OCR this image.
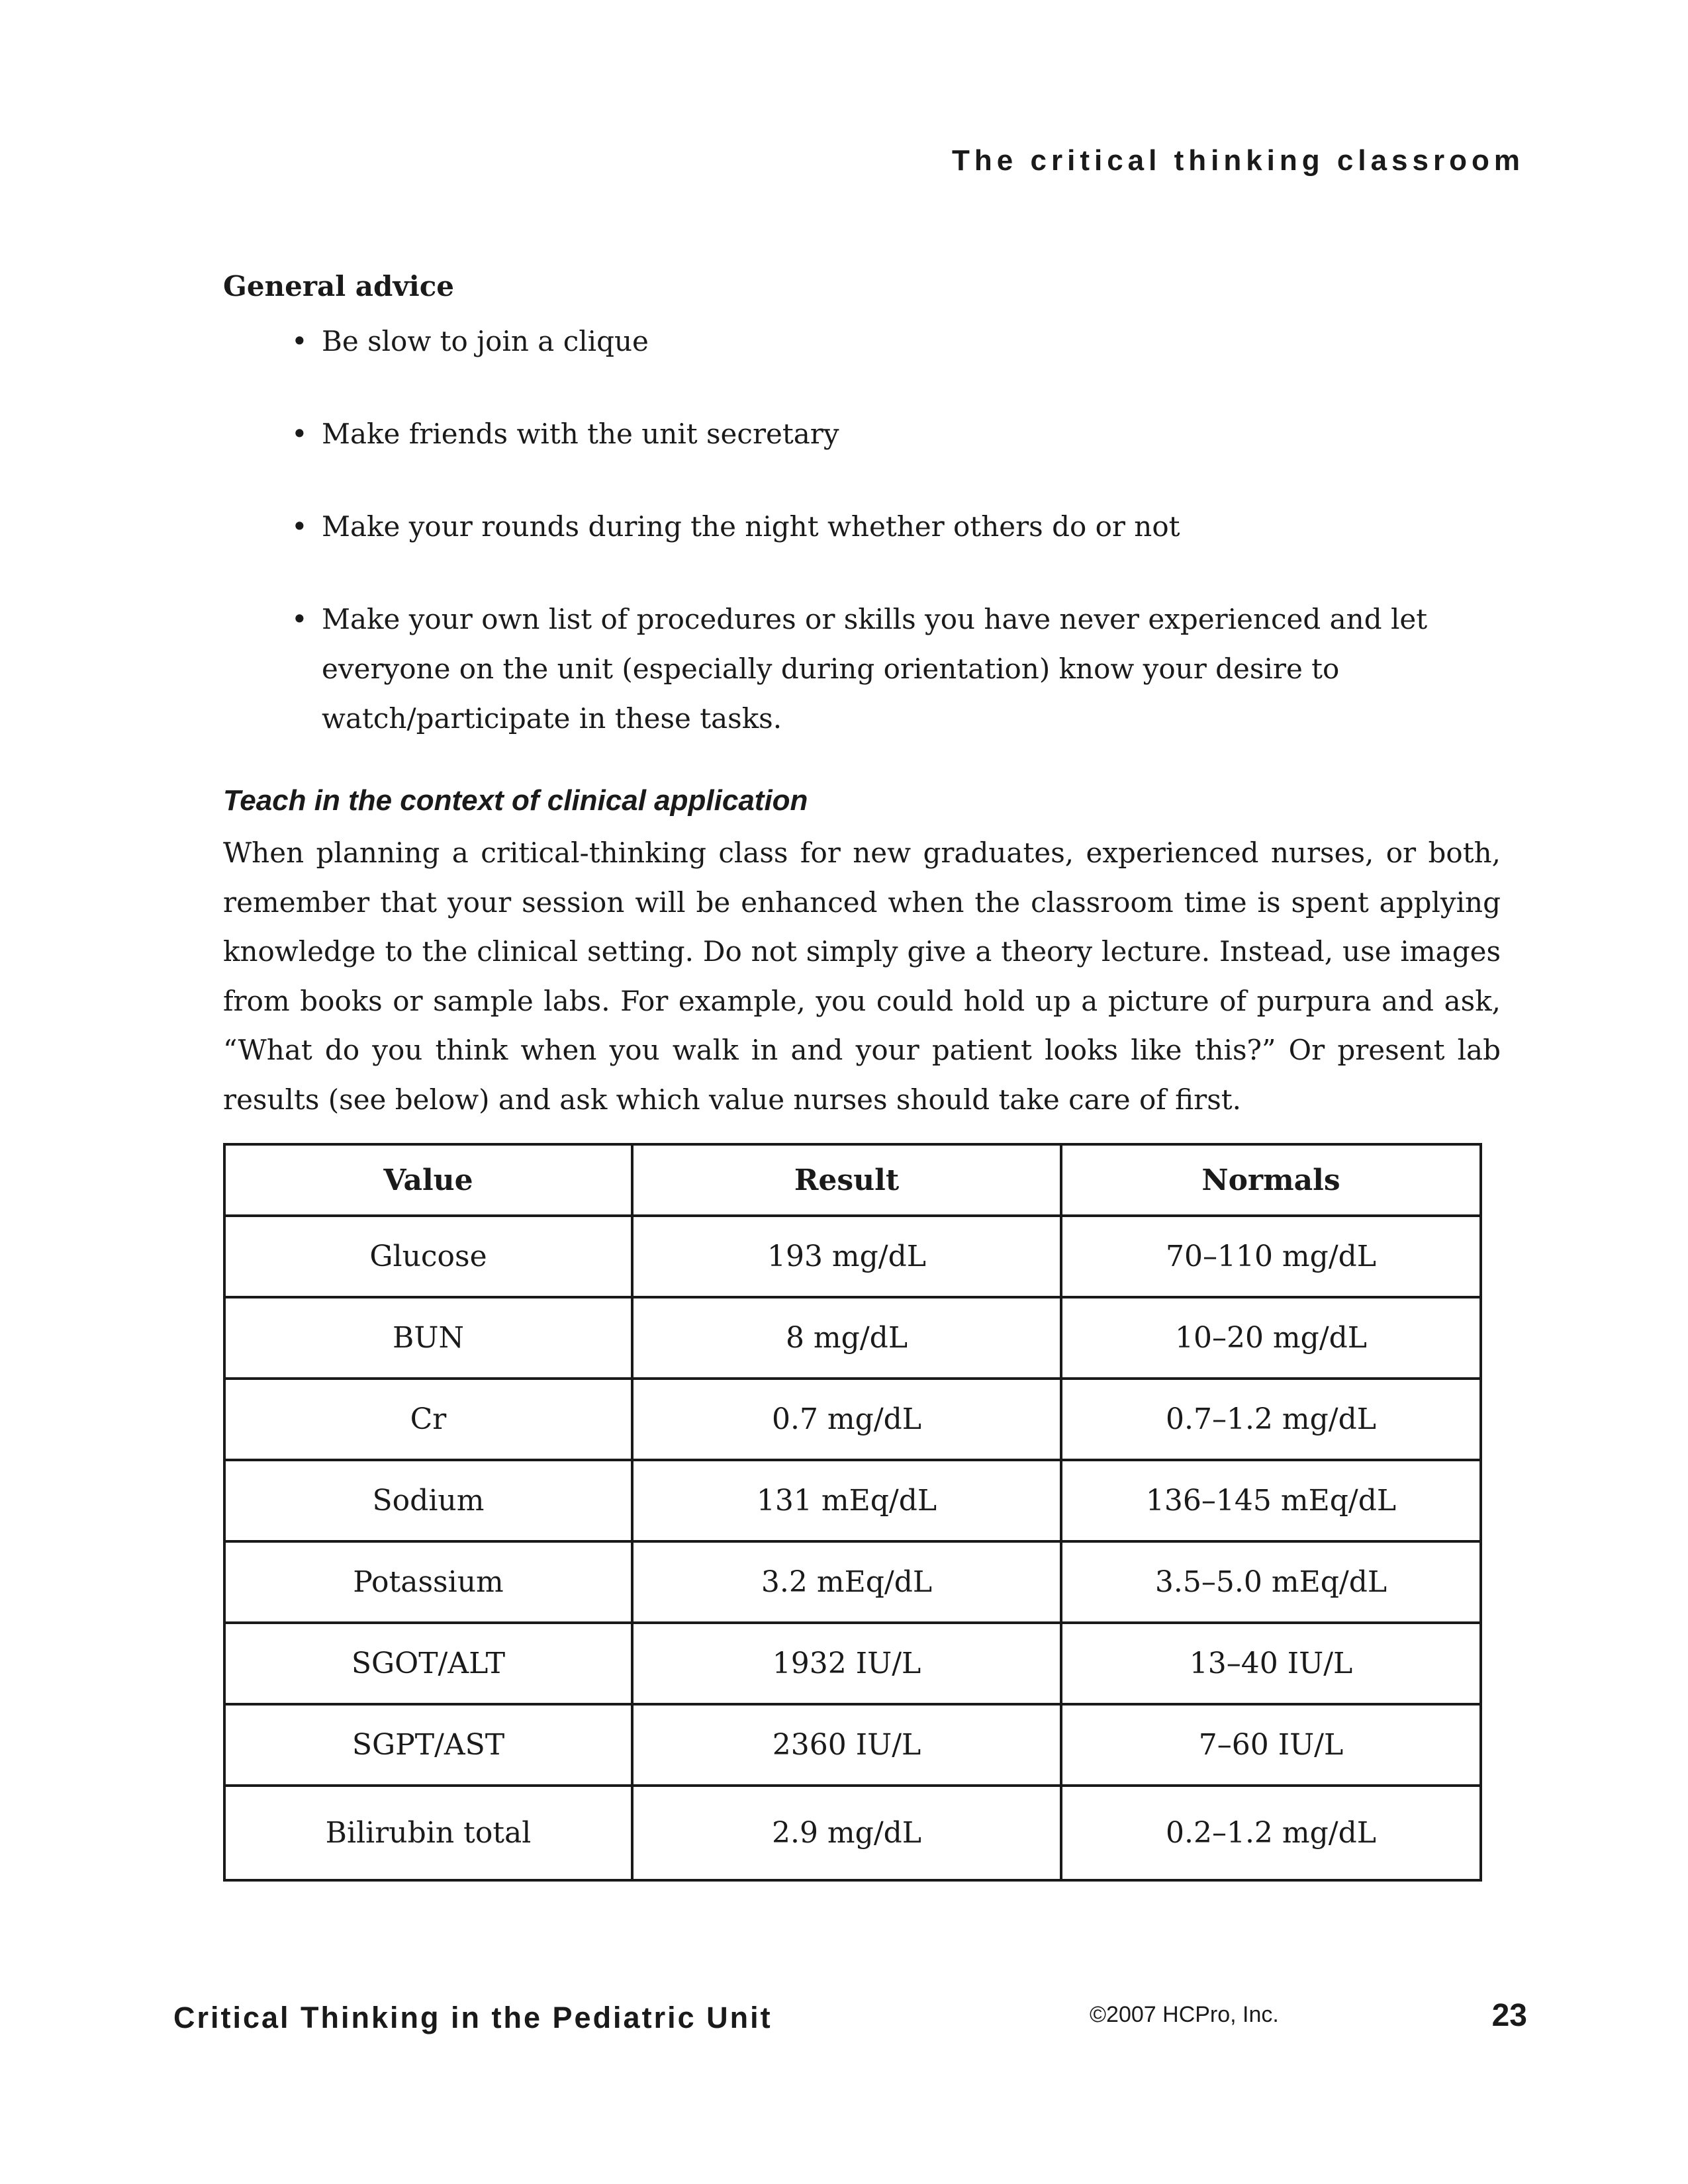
The critical thinking classroom
General advice
• Be slow to join a clique
• Make friends with the unit secretary
• Make your rounds during the night whether others do or not
• Make your own list of procedures or skills you have never experienced and let everyone on the unit (especially during orientation) know your desire to watch/participate in these tasks.
Teach in the context of clinical application

When planning a critical-thinking class for new graduates, experienced nurses, or both, remember that your session will be enhanced when the classroom time is spent applying knowledge to the clinical setting. Do not simply give a theory lecture. Instead, use images from books or sample labs. For example, you could hold up a picture of purpura and ask, “What do you think when you walk in and your patient looks like this?” Or present lab results (see below) and ask which value nurses should take care of first.

Value	Result	Normals
Glucose	193 mg/dL	70–110 mg/dL
BUN	8 mg/dL	10–20 mg/dL
Cr	0.7 mg/dL	0.7–1.2 mg/dL
Sodium	131 mEq/dL	136–145 mEq/dL
Potassium	3.2 mEq/dL	3.5–5.0 mEq/dL
SGOT/ALT	1932 IU/L	13–40 IU/L
SGPT/AST	2360 IU/L	7–60 IU/L
Bilirubin total	2.9 mg/dL	0.2–1.2 mg/dL
Critical Thinking in the Pediatric Unit	©2007 HCPro, Inc.	23
